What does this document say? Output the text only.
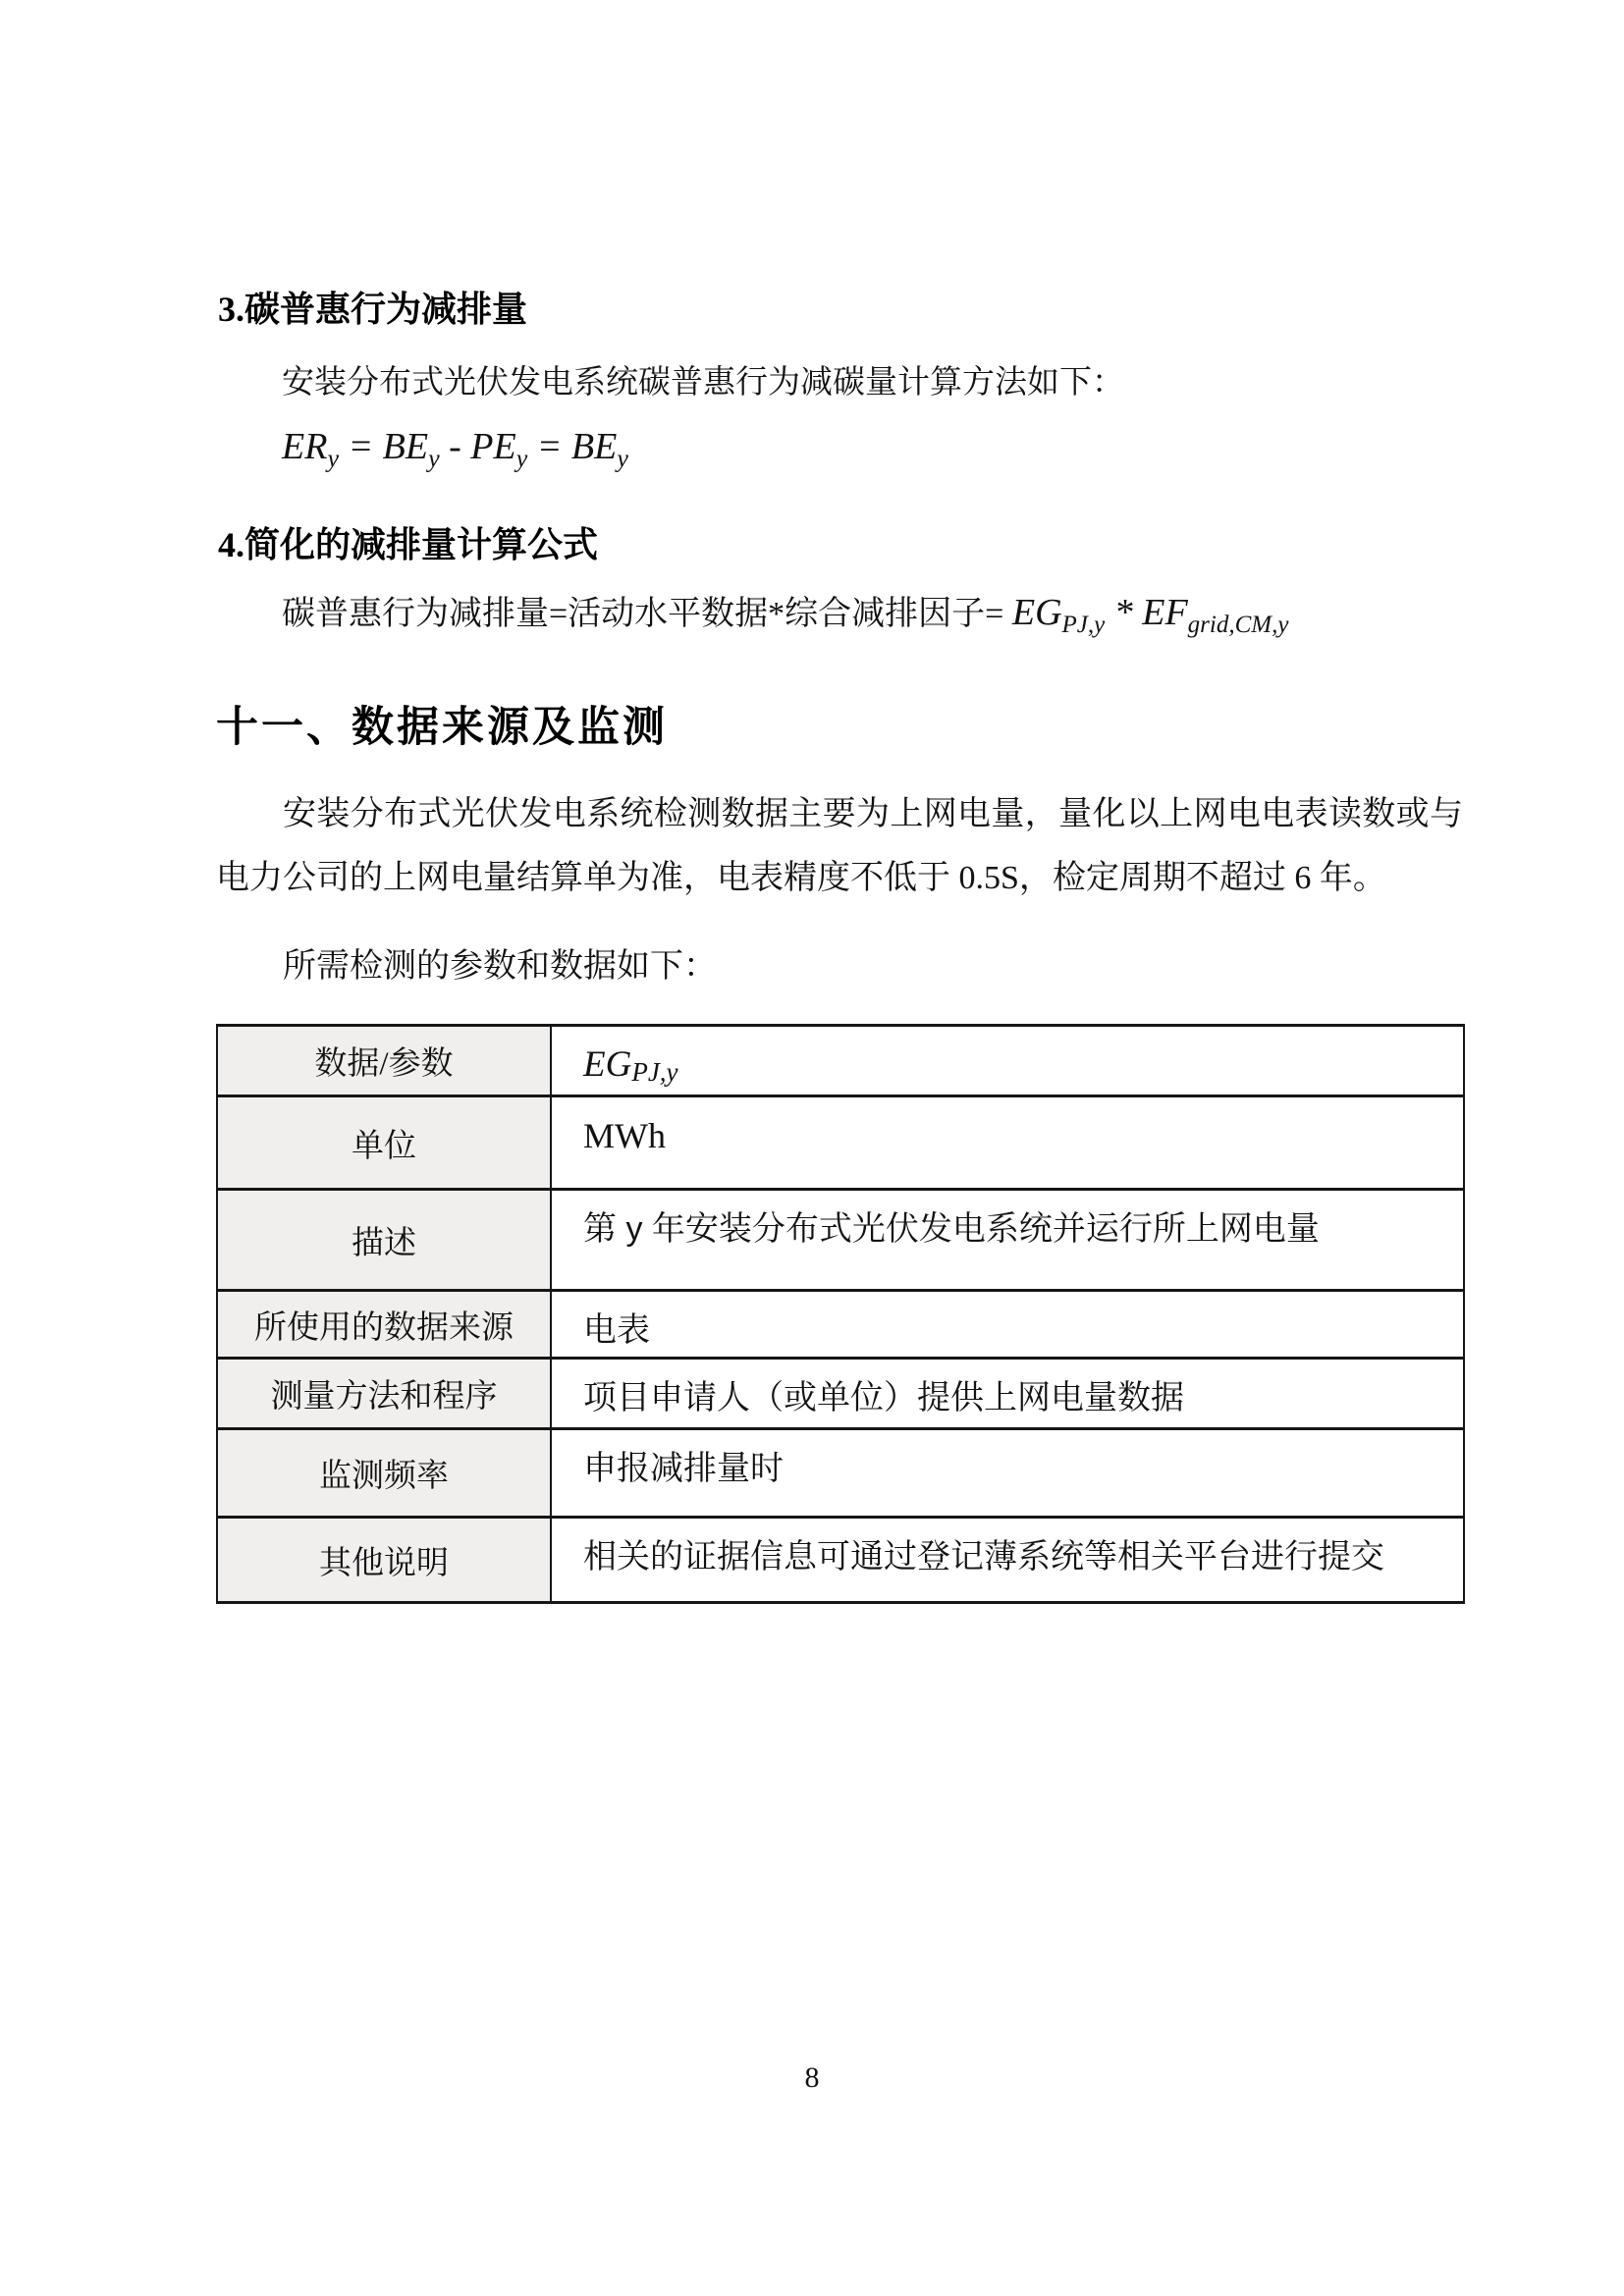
3.碳普惠行为减排量

安装分布式光伏发电系统碳普惠行为减碳量计算方法如下：

$ER_y = BE_y - PE_y = BE_y$

4.简化的减排量计算公式

碳普惠行为减排量=活动水平数据*综合减排因子= $EG_{PJ,y} * EF_{grid,CM,y}$

十一、数据来源及监测

安装分布式光伏发电系统检测数据主要为上网电量，量化以上网电电表读数或与电力公司的上网电量结算单为准，电表精度不低于 0.5S，检定周期不超过 6 年。

所需检测的参数和数据如下：

数据/参数	$EG_{PJ,y}$
单位	MWh
描述	第 y 年安装分布式光伏发电系统并运行所上网电量
所使用的数据来源	电表
测量方法和程序	项目申请人（或单位）提供上网电量数据
监测频率	申报减排量时
其他说明	相关的证据信息可通过登记薄系统等相关平台进行提交
8
